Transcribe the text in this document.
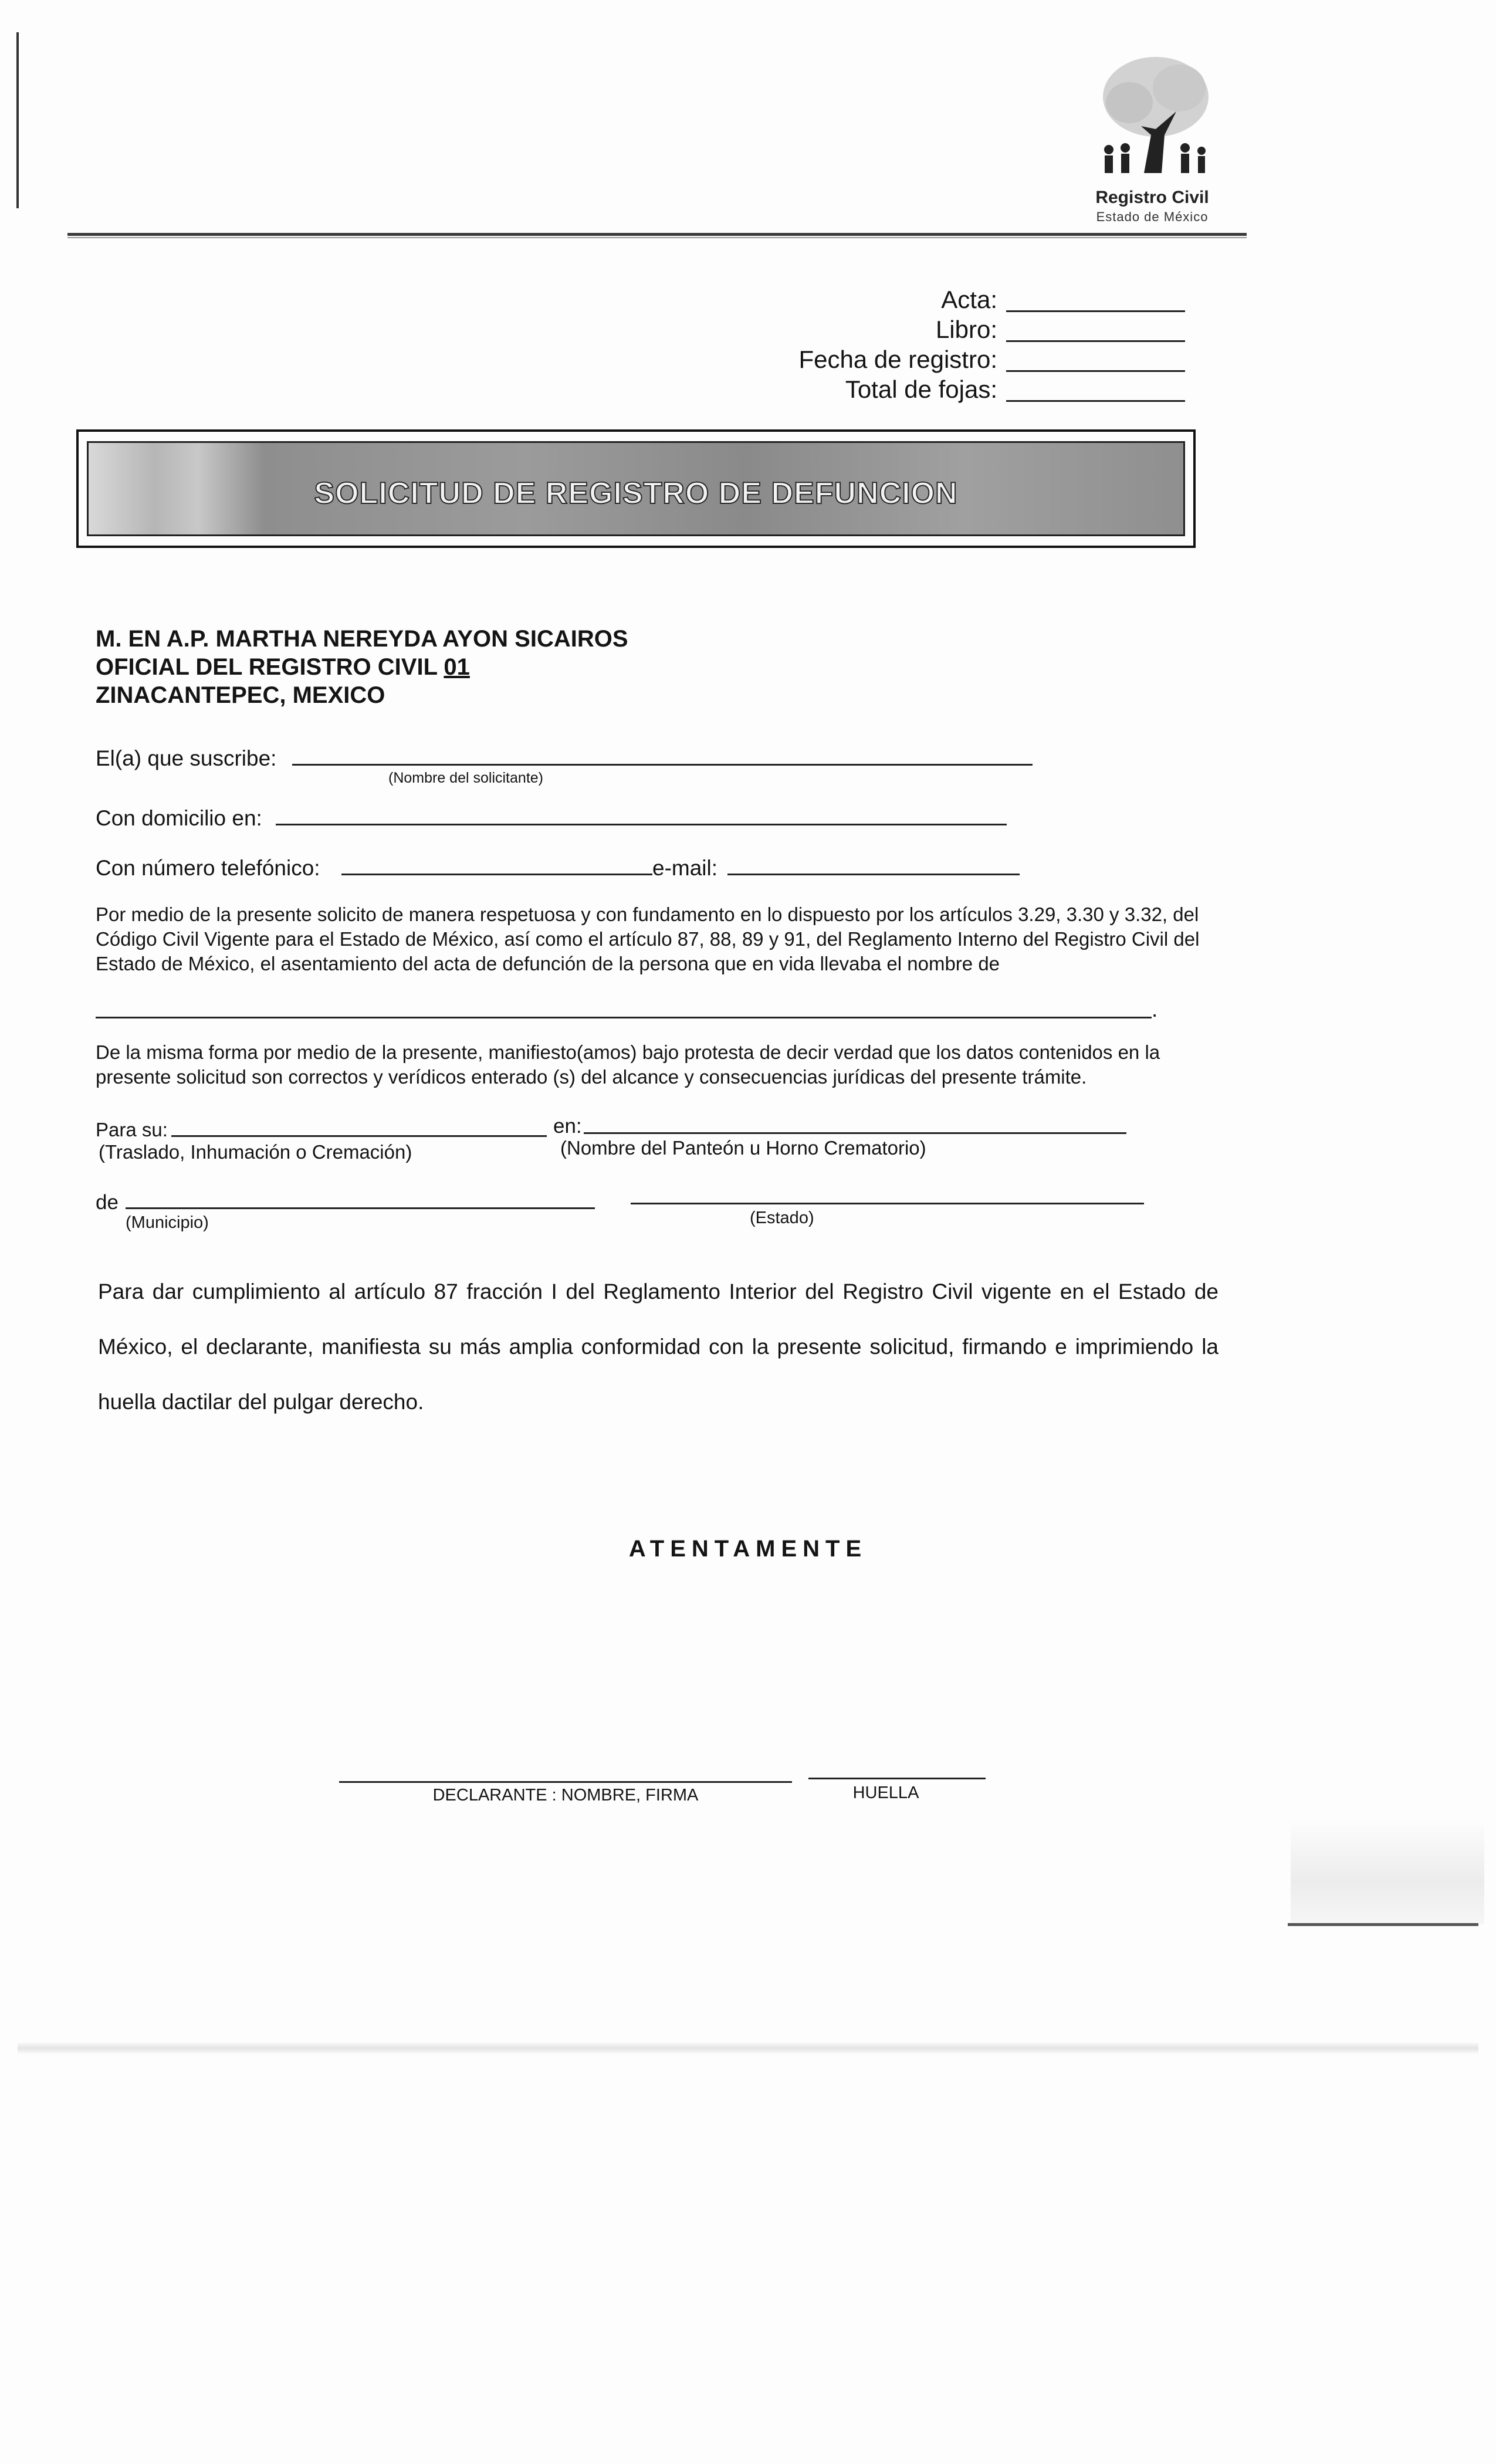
Registro Civil
Estado de México
Acta:
Libro:
Fecha de registro:
Total de fojas:
SOLICITUD DE REGISTRO DE DEFUNCION
M. EN A.P. MARTHA NEREYDA AYON SICAIROS
OFICIAL DEL REGISTRO CIVIL 01
ZINACANTEPEC, MEXICO
El(a) que suscribe:
(Nombre del solicitante)
Con domicilio en:
Con número telefónico:	e-mail:
Por medio de la presente solicito de manera respetuosa y con fundamento en lo dispuesto por los artículos 3.29, 3.30 y 3.32, del Código Civil Vigente para el Estado de México, así como el artículo 87, 88, 89 y 91, del Reglamento Interno del Registro Civil del Estado de México, el asentamiento del acta de defunción de la persona que en vida llevaba el nombre de
.
De la misma forma por medio de la presente, manifiesto(amos) bajo protesta de decir verdad que los datos contenidos en la presente solicitud son correctos y verídicos enterado (s) del alcance y consecuencias jurídicas del presente trámite.
Para su:
(Traslado, Inhumación o Cremación)
en:
(Nombre del Panteón u Horno Crematorio)
de
(Municipio)	(Estado)
Para dar cumplimiento al artículo 87 fracción I del Reglamento Interior del Registro Civil vigente en el Estado de México, el declarante, manifiesta su más amplia conformidad con la presente solicitud, firmando e imprimiendo la huella dactilar del pulgar derecho.
ATENTAMENTE
DECLARANTE : NOMBRE, FIRMA	HUELLA
